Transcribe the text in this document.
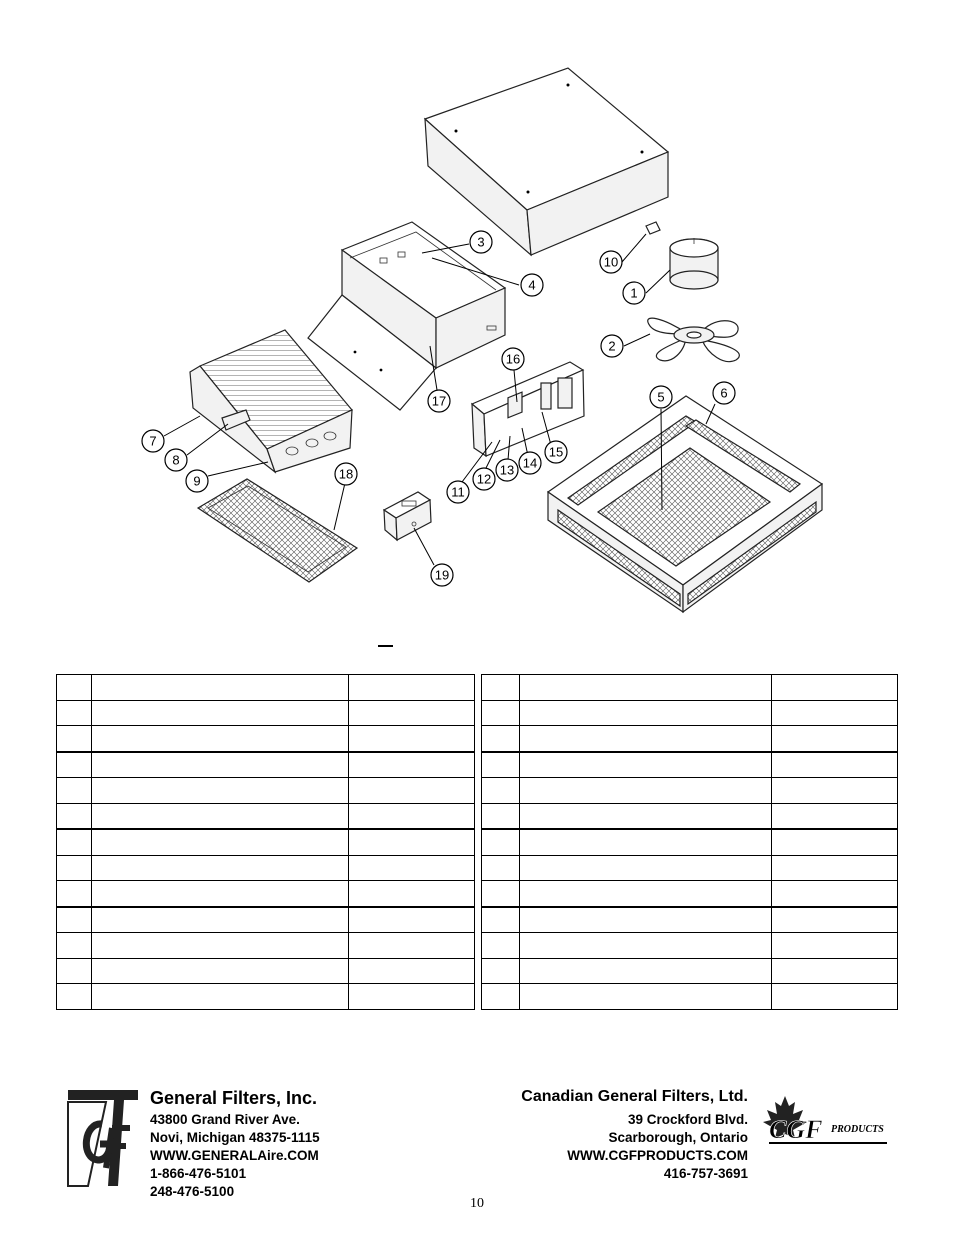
1
2
3
4
5	6
7
8
9
10
11
12
13 14
15
16
17
18
19

General Filters, Inc.
43800 Grand River Ave.
Novi, Michigan 48375-1115
WWW.GENERALAire.COM
1-866-476-5101
248-476-5100
Canadian General Filters, Ltd.
39 Crockford Blvd.
Scarborough, Ontario
WWW.CGFPRODUCTS.COM
416-757-3691
CGF PRODUCTS
10
